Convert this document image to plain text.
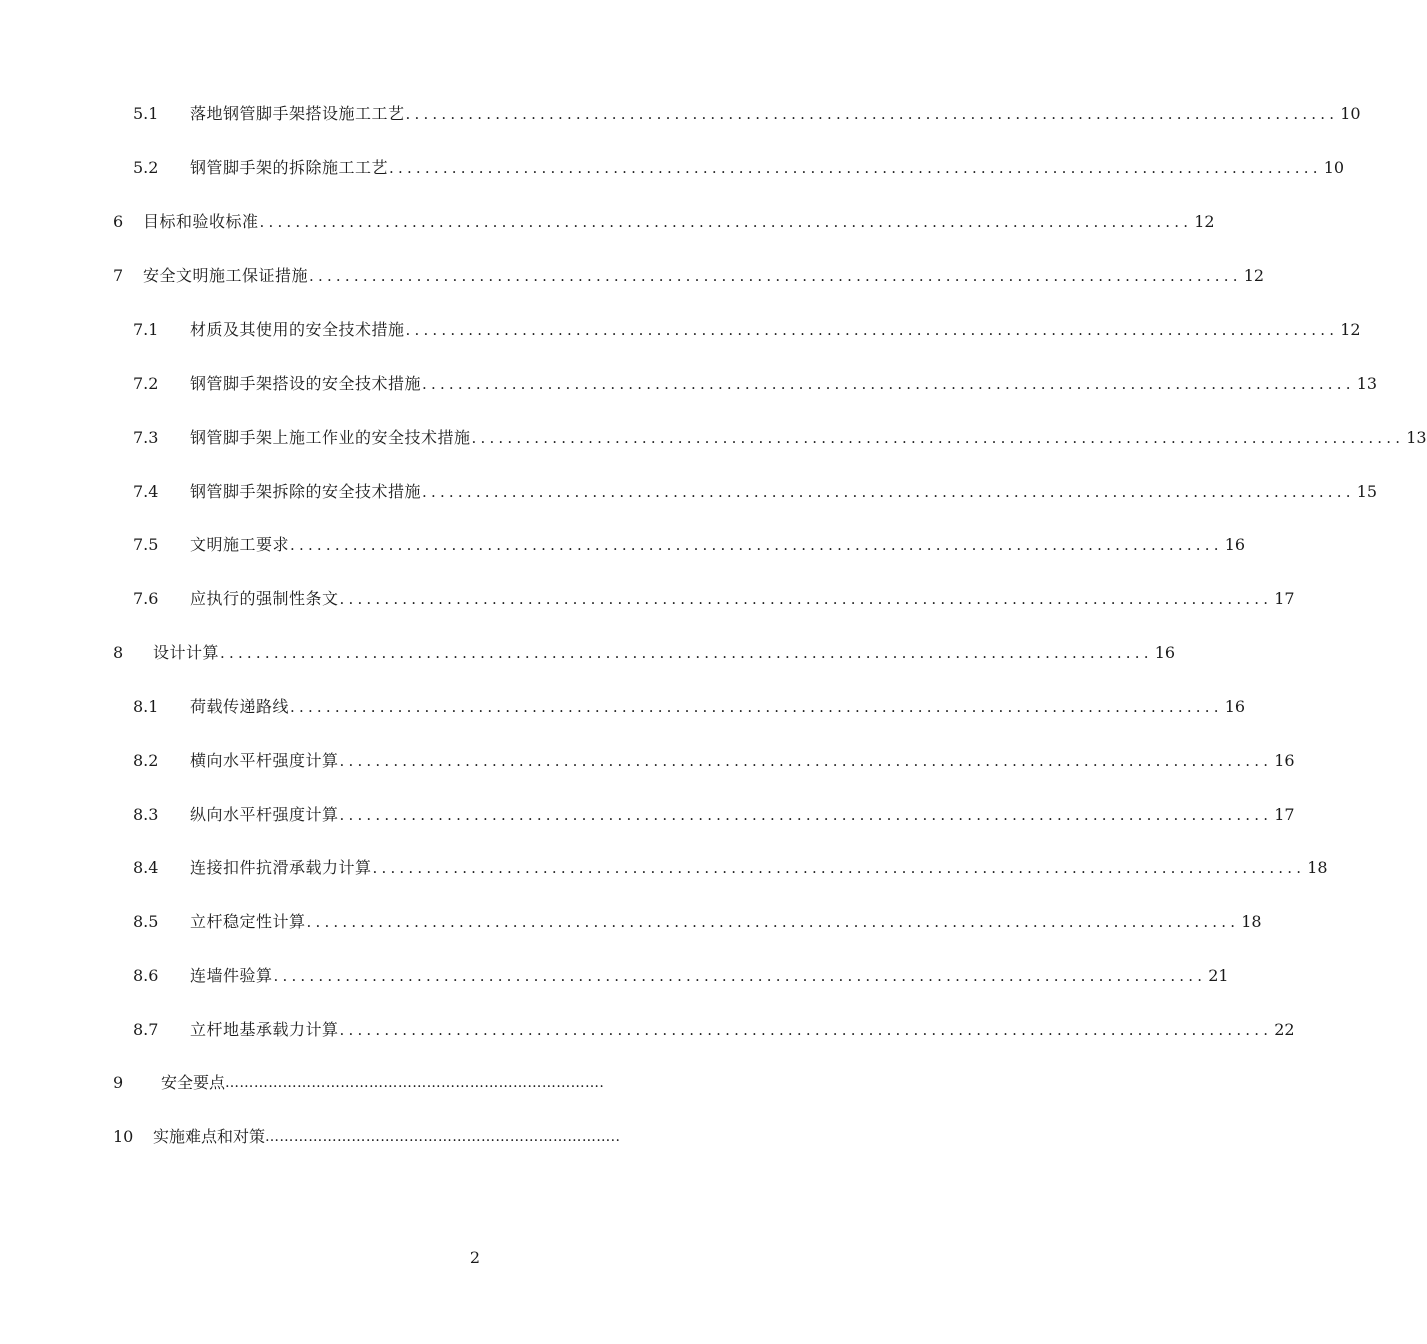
5.1	落地钢管脚手架搭设施工工艺 ........................................................................................................ 10
5.2	钢管脚手架的拆除施工工艺 ........................................................................................................ 10
6	目标和验收标准 ........................................................................................................ 12
7	安全文明施工保证措施 ........................................................................................................ 12
7.1	材质及其使用的安全技术措施 ........................................................................................................ 12
7.2	钢管脚手架搭设的安全技术措施 ........................................................................................................ 13
7.3	钢管脚手架上施工作业的安全技术措施 ........................................................................................................ 13
7.4	钢管脚手架拆除的安全技术措施 ........................................................................................................ 15
7.5	文明施工要求 ........................................................................................................ 16
7.6	应执行的强制性条文 ........................................................................................................ 17
8	设计计算 ........................................................................................................ 16
8.1	荷载传递路线 ........................................................................................................ 16
8.2	横向水平杆强度计算 ........................................................................................................ 16
8.3	纵向水平杆强度计算 ........................................................................................................ 17
8.4	连接扣件抗滑承载力计算 ........................................................................................................ 18
8.5	立杆稳定性计算 ........................................................................................................ 18
8.6	连墙件验算 ........................................................................................................ 21
8.7	立杆地基承载力计算 ........................................................................................................ 22
9	安全要点 …………………………………………………………………….
10	实施难点和对策 ………………………………………………………………..
2
